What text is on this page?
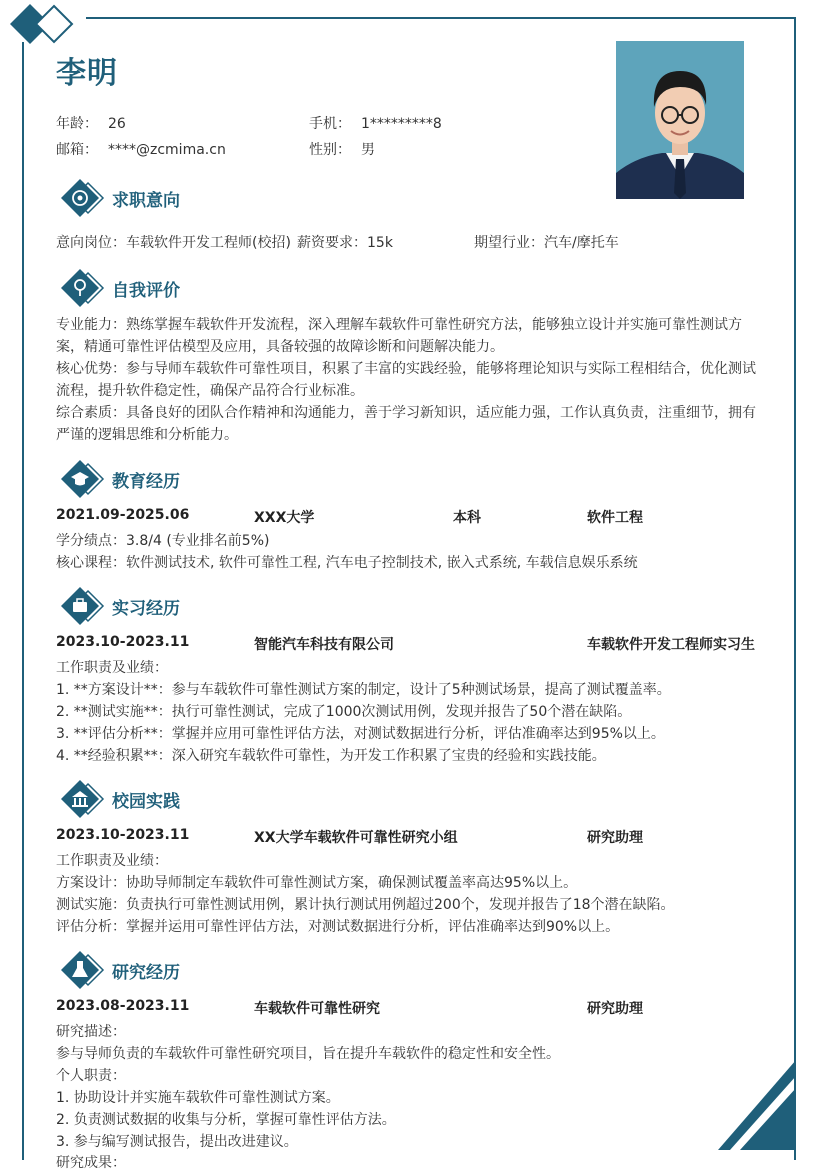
李明
年龄： 26	手机： 1*********8
邮箱： ****@zcmima.cn	性别： 男
求职意向
意向岗位：车载软件开发工程师(校招) 薪资要求：15k	期望行业：汽车/摩托车
自我评价

专业能力：熟练掌握车载软件开发流程，深入理解车载软件可靠性研究方法，能够独立设计并实施可靠性测试方案，精通可靠性评估模型及应用，具备较强的故障诊断和问题解决能力。

核心优势：参与导师车载软件可靠性项目，积累了丰富的实践经验，能够将理论知识与实际工程相结合，优化测试流程，提升软件稳定性，确保产品符合行业标准。

综合素质：具备良好的团队合作精神和沟通能力，善于学习新知识，适应能力强，工作认真负责，注重细节，拥有严谨的逻辑思维和分析能力。

教育经历
2021.09-2025.06	XXX大学	本科	软件工程
学分绩点：3.8/4 (专业排名前5%)
核心课程：软件测试技术, 软件可靠性工程, 汽车电子控制技术, 嵌入式系统, 车载信息娱乐系统
实习经历
2023.10-2023.11	智能汽车科技有限公司	车载软件开发工程师实习生
工作职责及业绩：
1. **方案设计**：参与车载软件可靠性测试方案的制定，设计了5种测试场景，提高了测试覆盖率。
2. **测试实施**：执行可靠性测试，完成了1000次测试用例，发现并报告了50个潜在缺陷。
3. **评估分析**：掌握并应用可靠性评估方法，对测试数据进行分析，评估准确率达到95%以上。
4. **经验积累**：深入研究车载软件可靠性，为开发工作积累了宝贵的经验和实践技能。
校园实践
2023.10-2023.11	XX大学车载软件可靠性研究小组	研究助理
工作职责及业绩：
方案设计：协助导师制定车载软件可靠性测试方案，确保测试覆盖率高达95%以上。
测试实施：负责执行可靠性测试用例，累计执行测试用例超过200个，发现并报告了18个潜在缺陷。
评估分析：掌握并运用可靠性评估方法，对测试数据进行分析，评估准确率达到90%以上。
研究经历
2023.08-2023.11	车载软件可靠性研究	研究助理
研究描述：
参与导师负责的车载软件可靠性研究项目，旨在提升车载软件的稳定性和安全性。
个人职责：
1. 协助设计并实施车载软件可靠性测试方案。
2. 负责测试数据的收集与分析，掌握可靠性评估方法。
3. 参与编写测试报告，提出改进建议。
研究成果：
